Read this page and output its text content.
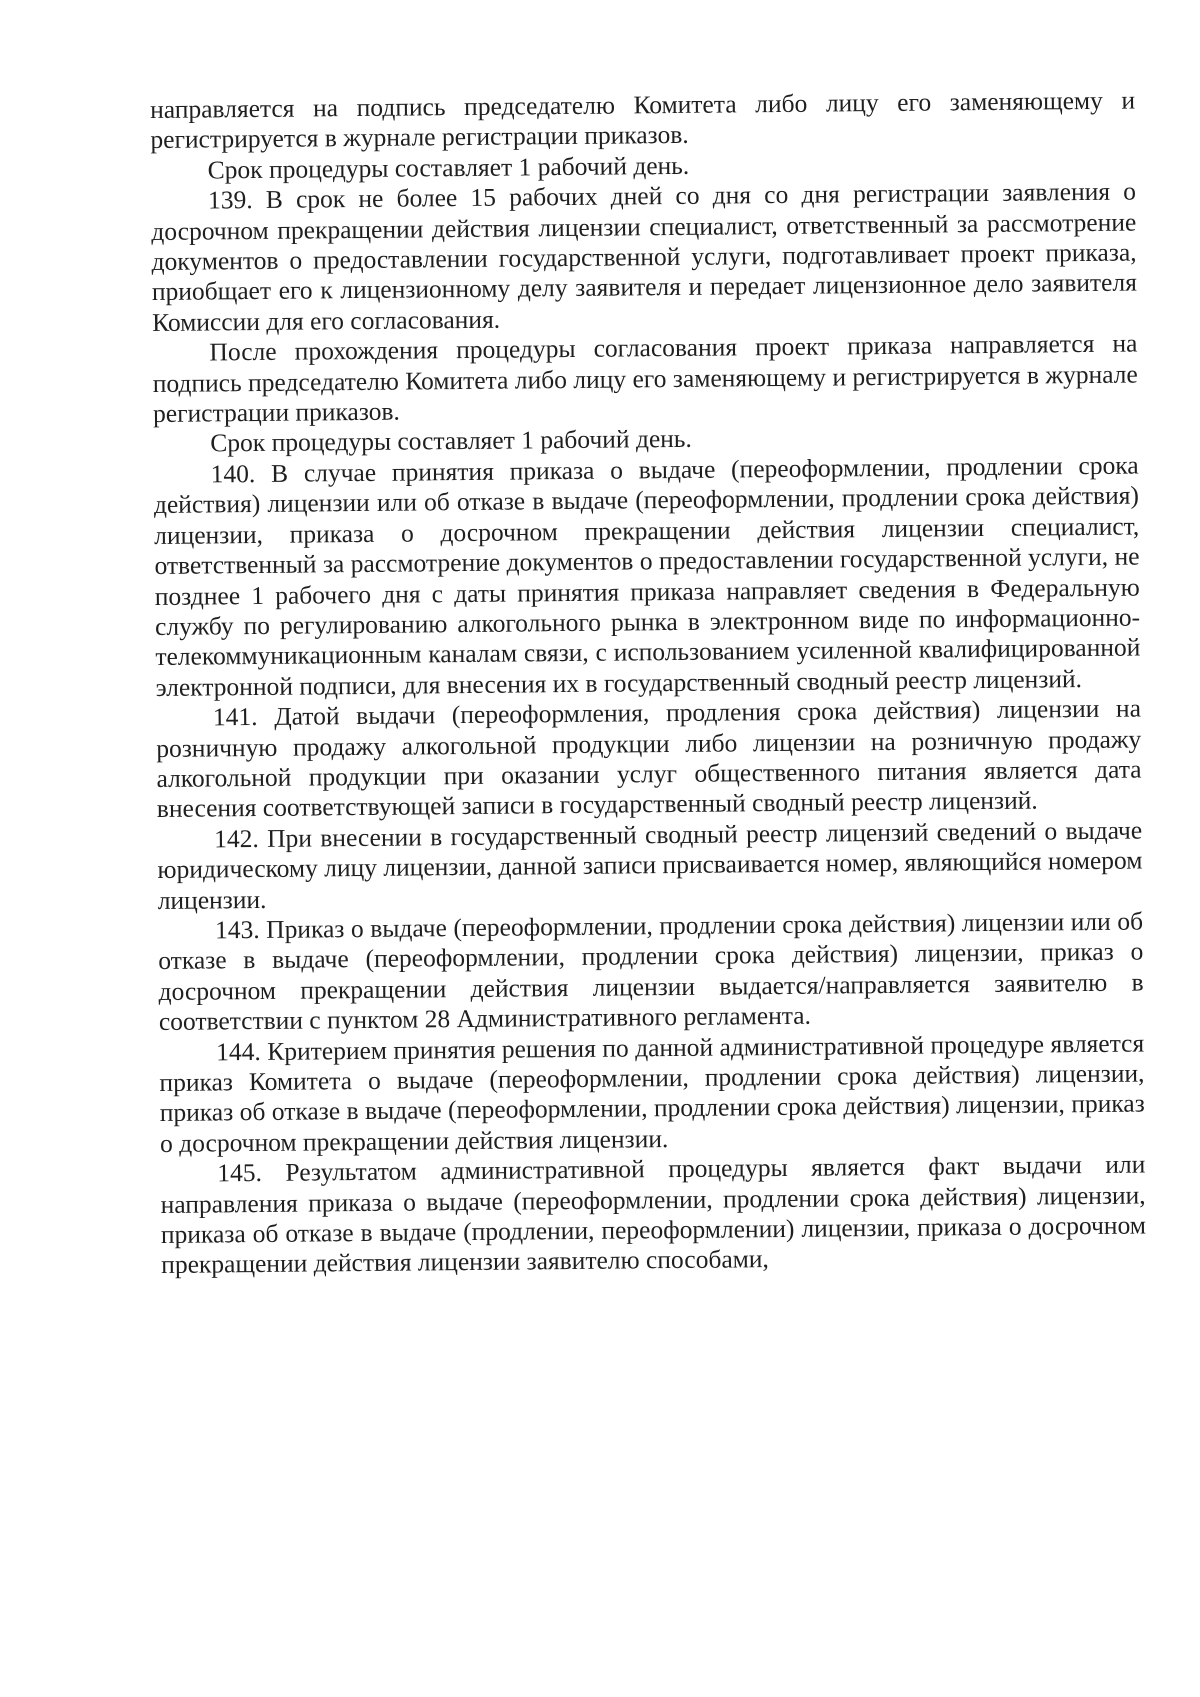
направляется на подпись председателю Комитета либо лицу его заменяющему и регистрируется в журнале регистрации приказов.

Срок процедуры составляет 1 рабочий день.

139. В срок не более 15 рабочих дней со дня со дня регистрации заявления о досрочном прекращении действия лицензии специалист, ответственный за рассмотрение документов о предоставлении государственной услуги, подготавливает проект приказа, приобщает его к лицензионному делу заявителя и передает лицензионное дело заявителя Комиссии для его согласования.

После прохождения процедуры согласования проект приказа направляется на подпись председателю Комитета либо лицу его заменяющему и регистрируется в журнале регистрации приказов.

Срок процедуры составляет 1 рабочий день.

140. В случае принятия приказа о выдаче (переоформлении, продлении срока действия) лицензии или об отказе в выдаче (переоформлении, продлении срока действия) лицензии, приказа о досрочном прекращении действия лицензии специалист, ответственный за рассмотрение документов о предоставлении государственной услуги, не позднее 1 рабочего дня с даты принятия приказа направляет сведения в Федеральную службу по регулированию алкогольного рынка в электронном виде по информационно-телекоммуникационным каналам связи, с использованием усиленной квалифицированной электронной подписи, для внесения их в государственный сводный реестр лицензий.

141. Датой выдачи (переоформления, продления срока действия) лицензии на розничную продажу алкогольной продукции либо лицензии на розничную продажу алкогольной продукции при оказании услуг общественного питания является дата внесения соответствующей записи в государственный сводный реестр лицензий.

142. При внесении в государственный сводный реестр лицензий сведений о выдаче юридическому лицу лицензии, данной записи присваивается номер, являющийся номером лицензии.

143. Приказ о выдаче (переоформлении, продлении срока действия) лицензии или об отказе в выдаче (переоформлении, продлении срока действия) лицензии, приказ о досрочном прекращении действия лицензии выдается/направляется заявителю в соответствии с пунктом 28 Административного регламента.

144. Критерием принятия решения по данной административной процедуре является приказ Комитета о выдаче (переоформлении, продлении срока действия) лицензии, приказ об отказе в выдаче (переоформлении, продлении срока действия) лицензии, приказ о досрочном прекращении действия лицензии.

145. Результатом административной процедуры является факт выдачи или направления приказа о выдаче (переоформлении, продлении срока действия) лицензии, приказа об отказе в выдаче (продлении, переоформлении) лицензии, приказа о досрочном прекращении действия лицензии заявителю способами,
